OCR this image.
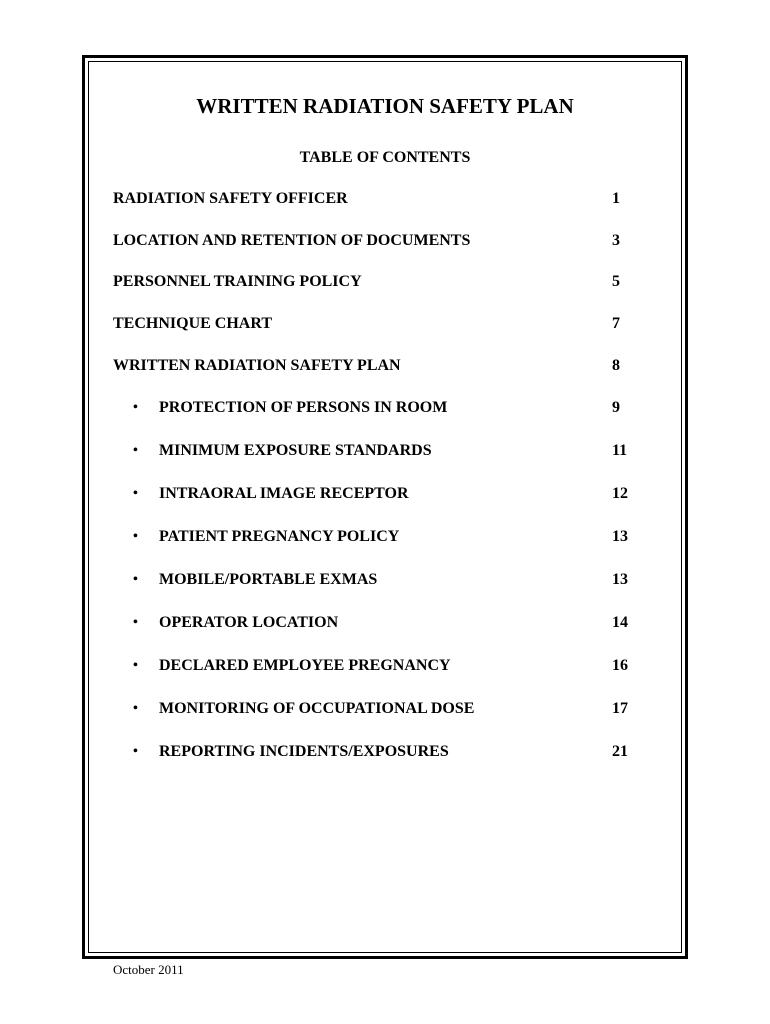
WRITTEN RADIATION SAFETY PLAN
TABLE OF CONTENTS
RADIATION SAFETY OFFICER	1
LOCATION AND RETENTION OF DOCUMENTS	3
PERSONNEL TRAINING POLICY	5
TECHNIQUE CHART	7
WRITTEN RADIATION SAFETY PLAN	8
• PROTECTION OF PERSONS IN ROOM	9
• MINIMUM EXPOSURE STANDARDS	11
• INTRAORAL IMAGE RECEPTOR	12
• PATIENT PREGNANCY POLICY	13
• MOBILE/PORTABLE EXMAS	13
• OPERATOR LOCATION	14
• DECLARED EMPLOYEE PREGNANCY	16
• MONITORING OF OCCUPATIONAL DOSE	17
• REPORTING INCIDENTS/EXPOSURES	21
October 2011
